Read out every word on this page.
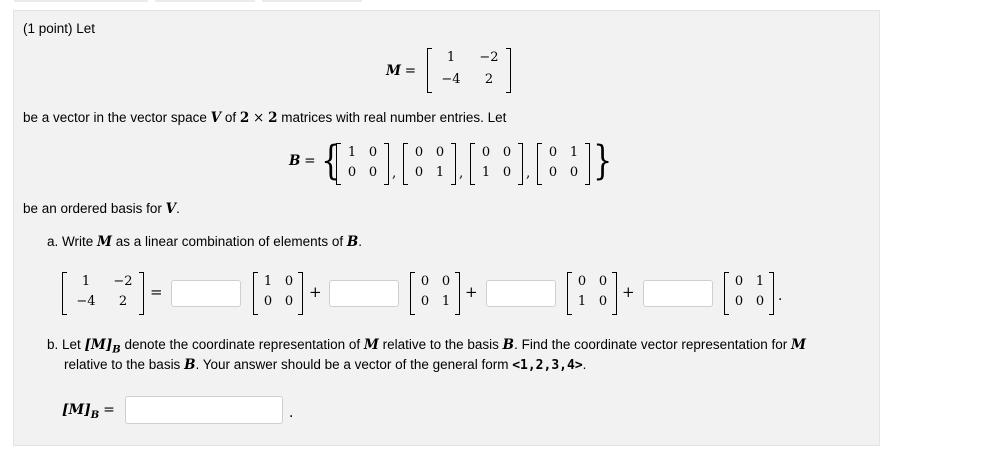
(1 point) Let
M =
1	−2
−4	2
be a vector in the vector space V of 2 × 2 matrices with real number entries. Let
B = { 1 0
0 0 ,
0 0
0 1 ,
0 0
1 0 ,
0 1
0 0 }
be an ordered basis for V.
a. Write M as a linear combination of elements of B.
1	−2
−4	2
=
1 0
0 0
+
0 0
0 1
+
0 0
1 0
+
0 1
0 0 .
b. Let $[M]_B$ denote the coordinate representation of M relative to the basis B. Find the coordinate vector representation for M
relative to the basis B. Your answer should be a vector of the general form <1,2,3,4>.
$[M]_B$ =	.
